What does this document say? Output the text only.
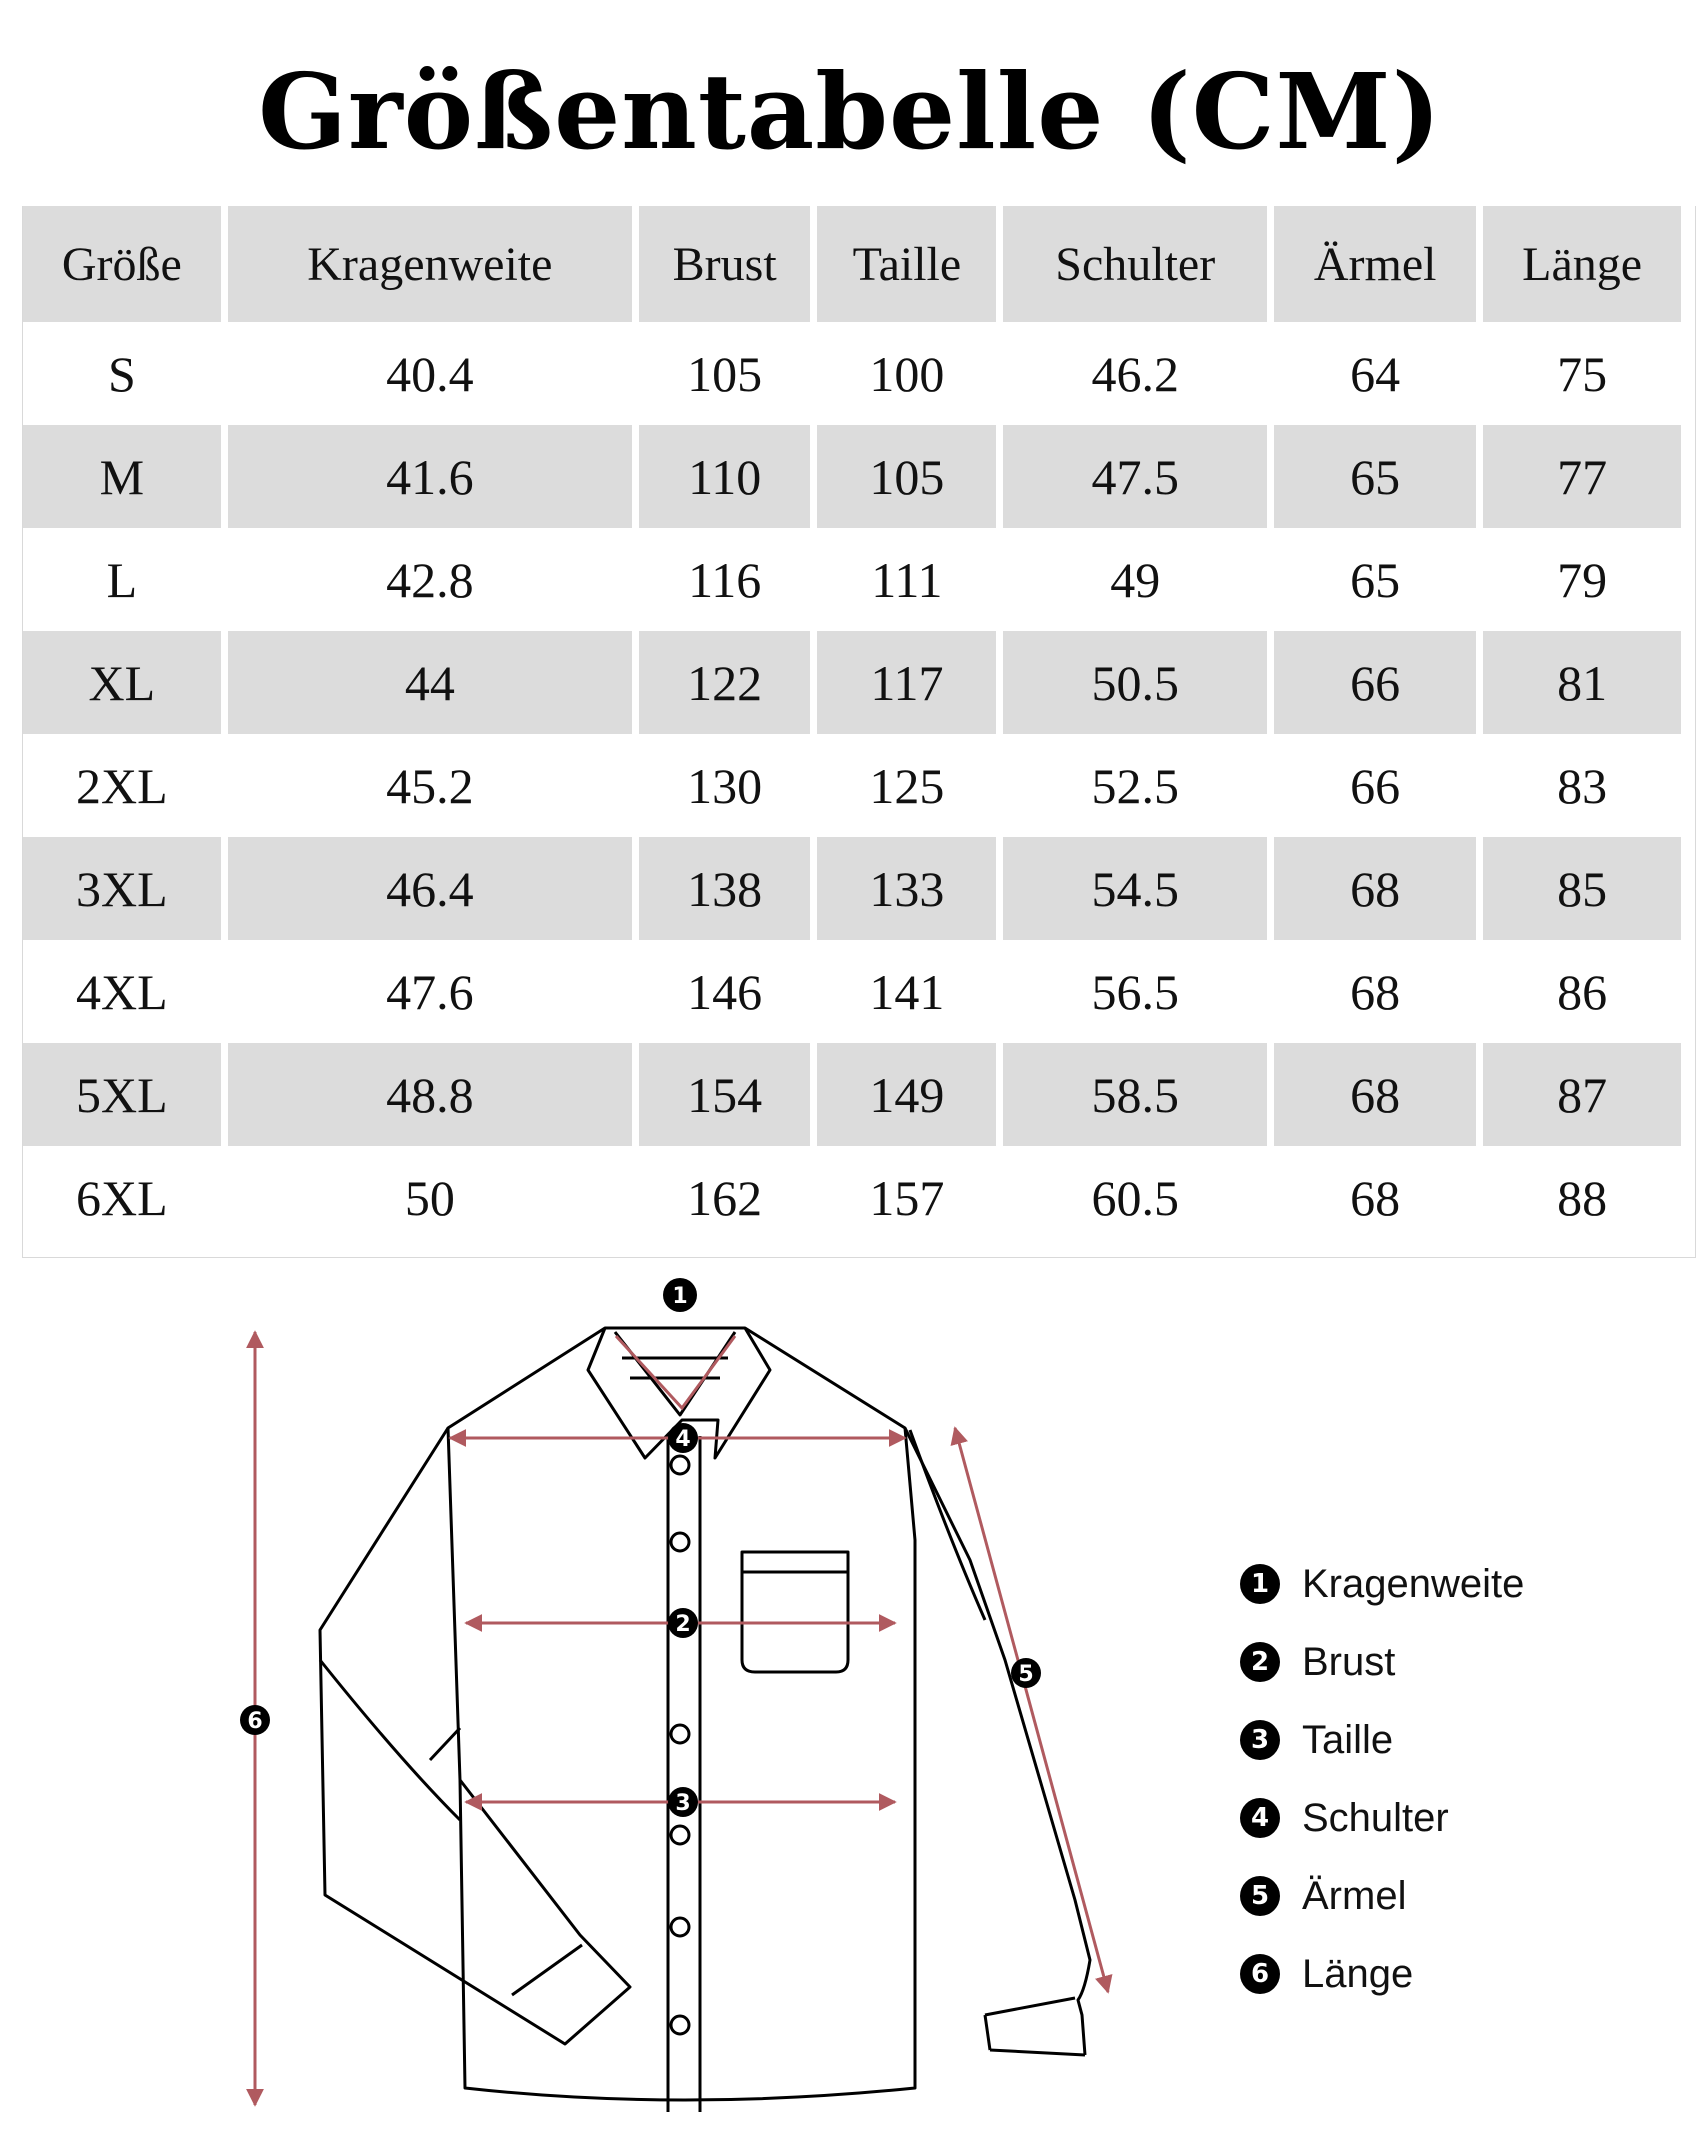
Größentabelle (CM)
Größe	Kragenweite	Brust	Taille	Schulter	Ärmel	Länge
S	40.4	105	100	46.2	64	75
M	41.6	110	105	47.5	65	77
L	42.8	116	111	49	65	79
XL	44	122	117	50.5	66	81
2XL	45.2	130	125	52.5	66	83
3XL	46.4	138	133	54.5	68	85
4XL	47.6	146	141	56.5	68	86
5XL	48.8	154	149	58.5	68	87
6XL	50	162	157	60.5	68	88
1
2
3
4
5
6
1 Kragenweite
2 Brust
3 Taille
4 Schulter
5 Ärmel
6 Länge
